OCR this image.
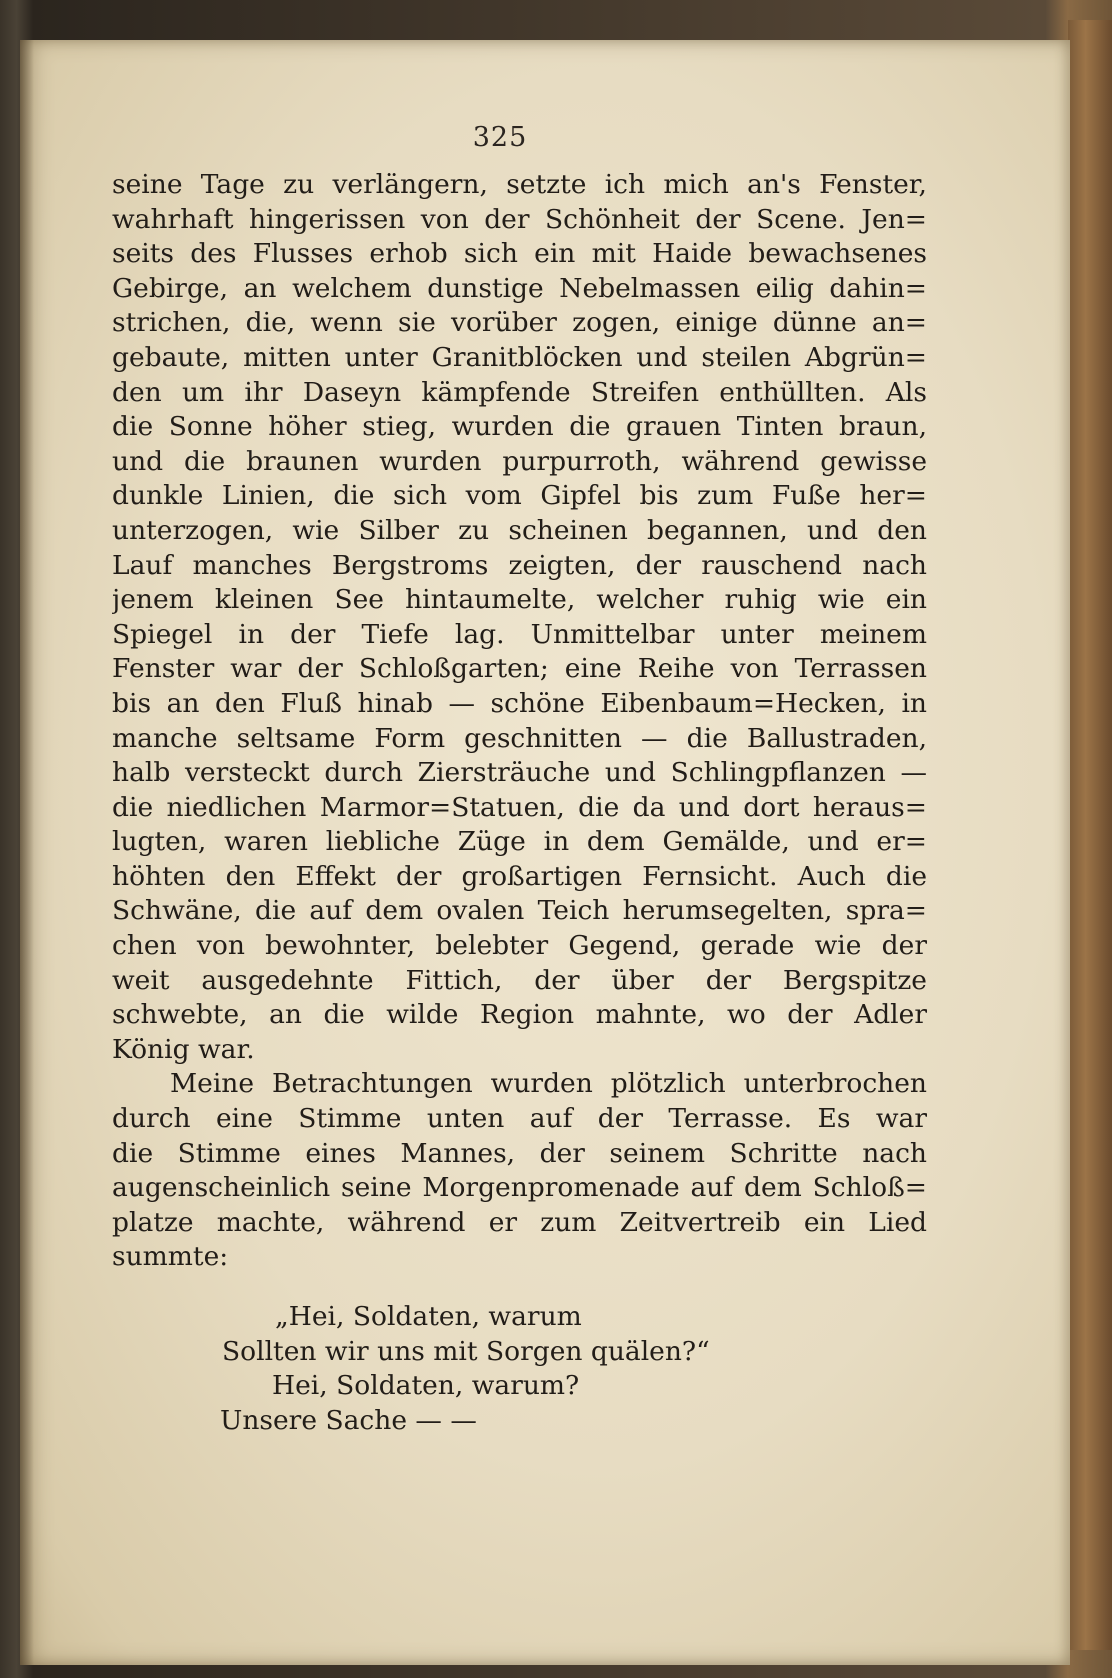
325
seine Tage zu verlängern, setzte ich mich an's Fenster,
wahrhaft hingerissen von der Schönheit der Scene. Jen=
seits des Flusses erhob sich ein mit Haide bewachsenes
Gebirge, an welchem dunstige Nebelmassen eilig dahin=
strichen, die, wenn sie vorüber zogen, einige dünne an=
gebaute, mitten unter Granitblöcken und steilen Abgrün=
den um ihr Daseyn kämpfende Streifen enthüllten. Als
die Sonne höher stieg, wurden die grauen Tinten braun,
und die braunen wurden purpurroth, während gewisse
dunkle Linien, die sich vom Gipfel bis zum Fuße her=
unterzogen, wie Silber zu scheinen begannen, und den
Lauf manches Bergstroms zeigten, der rauschend nach
jenem kleinen See hintaumelte, welcher ruhig wie ein
Spiegel in der Tiefe lag. Unmittelbar unter meinem
Fenster war der Schloßgarten; eine Reihe von Terrassen
bis an den Fluß hinab — schöne Eibenbaum=Hecken, in
manche seltsame Form geschnitten — die Ballustraden,
halb versteckt durch Ziersträuche und Schlingpflanzen —
die niedlichen Marmor=Statuen, die da und dort heraus=
lugten, waren liebliche Züge in dem Gemälde, und er=
höhten den Effekt der großartigen Fernsicht. Auch die
Schwäne, die auf dem ovalen Teich herumsegelten, spra=
chen von bewohnter, belebter Gegend, gerade wie der
weit ausgedehnte Fittich, der über der Bergspitze
schwebte, an die wilde Region mahnte, wo der Adler
König war.
Meine Betrachtungen wurden plötzlich unterbrochen
durch eine Stimme unten auf der Terrasse. Es war
die Stimme eines Mannes, der seinem Schritte nach
augenscheinlich seine Morgenpromenade auf dem Schloß=
platze machte, während er zum Zeitvertreib ein Lied
summte:
„Hei, Soldaten, warum
Sollten wir uns mit Sorgen quälen?“
Hei, Soldaten, warum?
Unsere Sache — —
